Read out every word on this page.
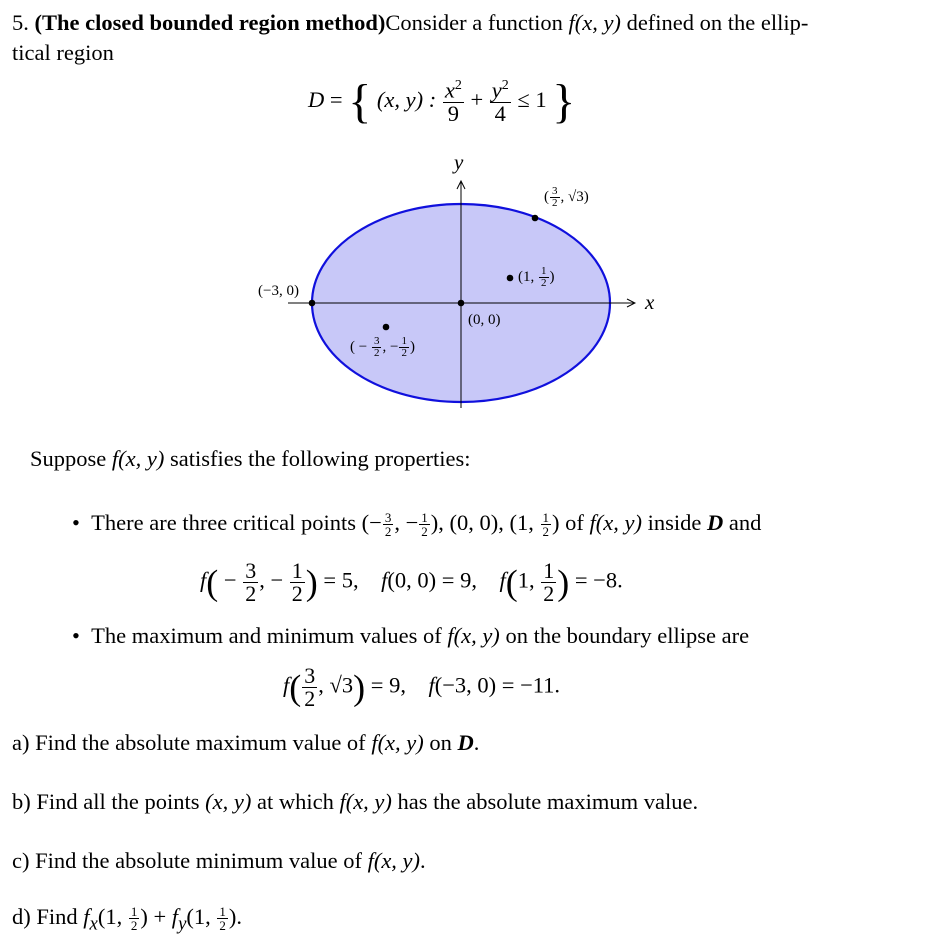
5. (The closed bounded region method)Consider a function f(x, y) defined on the ellip-
tical region
D = { (x, y) : $\frac{x^2}{9} + \frac{y^2}{4} \le 1$ }
y
x
(−3, 0)
(0, 0)
( $\frac{3}{2}$ , √3)
(1, $\frac{1}{2}$ )
( − $\frac{3}{2}$ , − $\frac{1}{2}$ )
Suppose f(x, y) satisfies the following properties:
•  There are three critical points (− $\frac{3}{2}$ , − $\frac{1}{2}$ ), (0, 0), (1, $\frac{1}{2}$ ) of f(x, y) inside D and
$f( - \frac{3}{2}$ , − $\frac{1}{2}$ ) = 5,    f(0, 0) = 9,    f(1, $\frac{1}{2}$ ) = −8.
•  The maximum and minimum values of f(x, y) on the boundary ellipse are
$f( \frac{3}{2}$ , √3) = 9,    f(−3, 0) = −11.
a) Find the absolute maximum value of f(x, y) on D.
b) Find all the points (x, y) at which f(x, y) has the absolute maximum value.
c) Find the absolute minimum value of f(x, y).
d) Find $f_x(1$, $\frac{1}{2}$ ) + $f_y(1$, $\frac{1}{2}$ ).
